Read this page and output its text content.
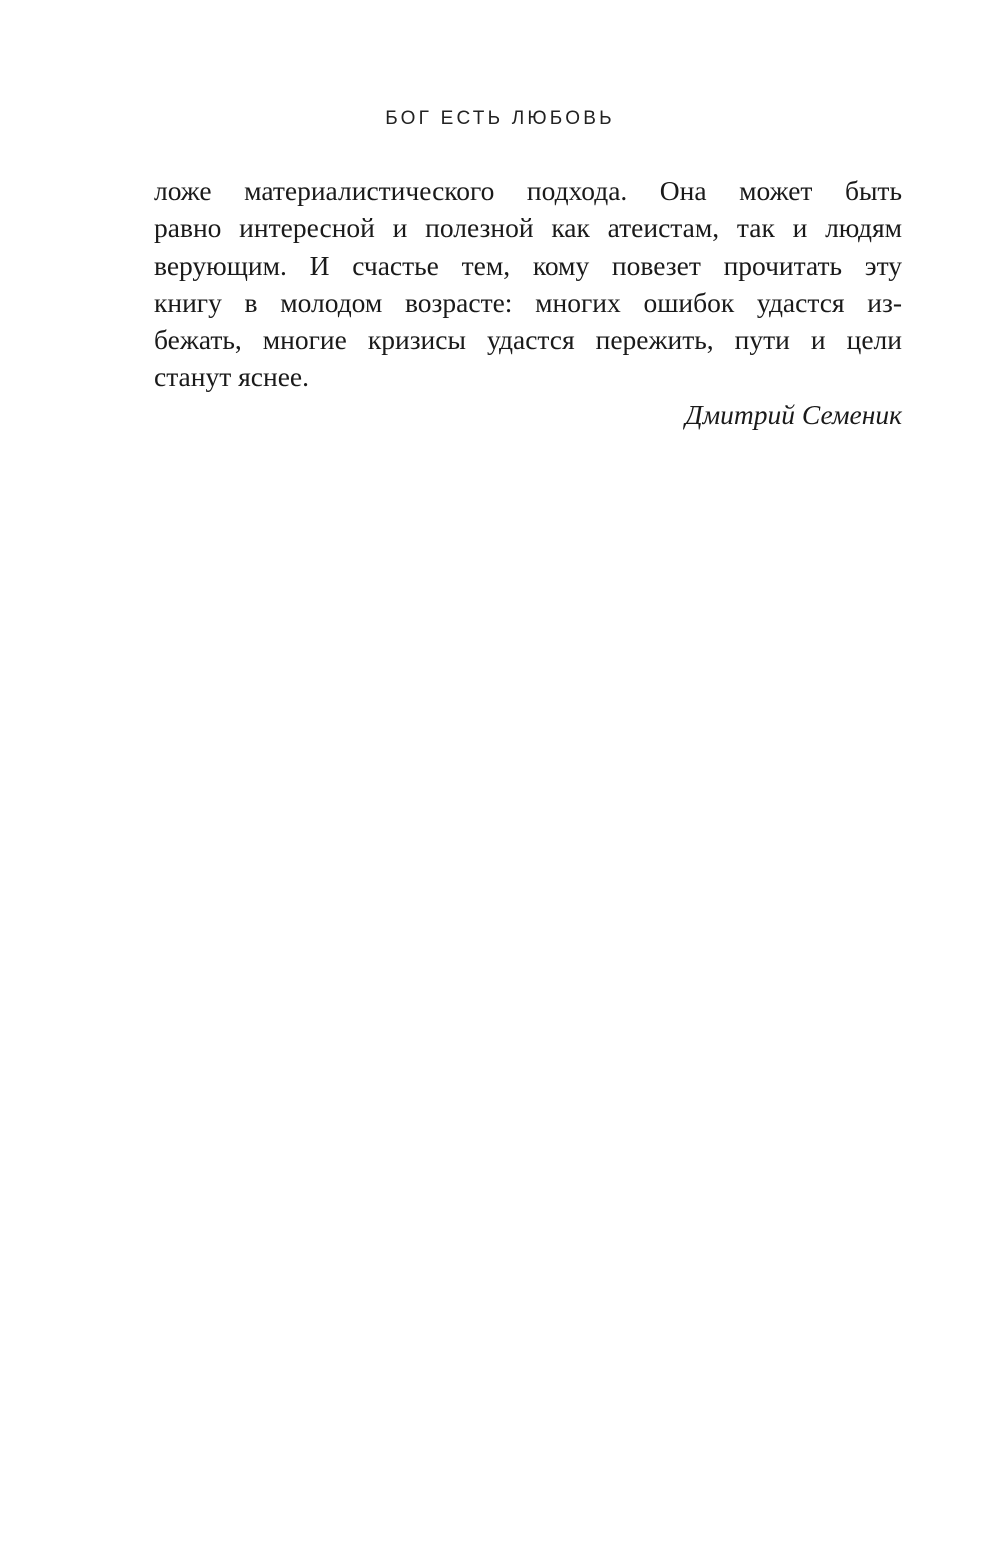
БОГ ЕСТЬ ЛЮБОВЬ
ложе материалистического подхода. Она может быть
равно интересной и полезной как атеистам, так и людям
верующим. И счастье тем, кому повезет прочитать эту
книгу в молодом возрасте: многих ошибок удастся из-
бежать, многие кризисы удастся пережить, пути и цели
станут яснее.
Дмитрий Семеник
